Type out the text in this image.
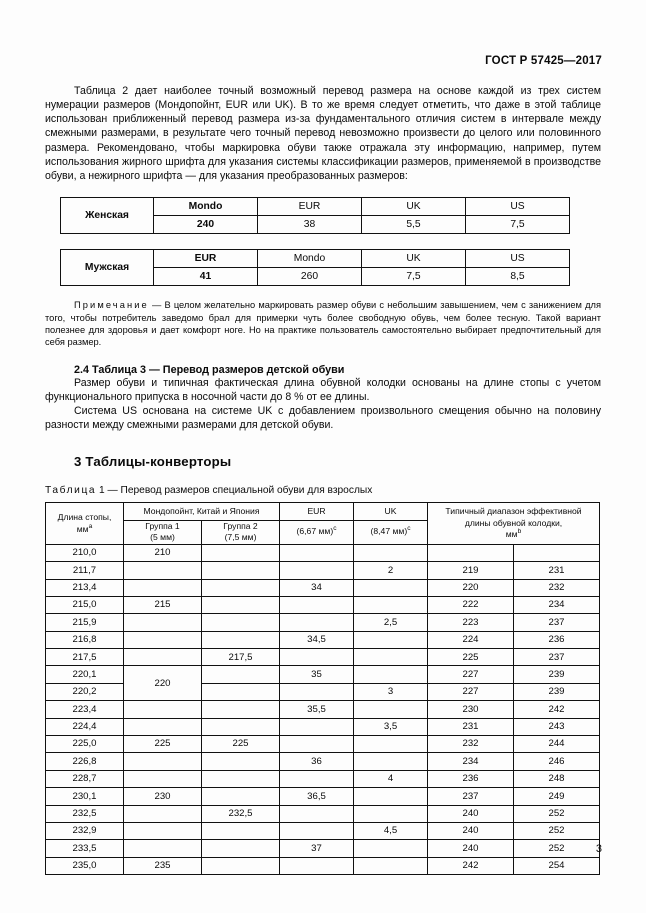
ГОСТ Р 57425—2017

Таблица 2 дает наиболее точный возможный перевод размера на основе каждой из трех систем нумерации размеров (Мондопойнт, EUR или UK). В то же время следует отметить, что даже в этой таблице использован приближенный перевод размера из-за фундаментального отличия систем в интервале между смежными размерами, в результате чего точный перевод невозможно произвести до целого или половинного размера. Рекомендовано, чтобы маркировка обуви также отражала эту информацию, например, путем использования жирного шрифта для указания системы классификации размеров, применяемой в производстве обуви, а нежирного шрифта — для указания преобразованных размеров:

Женская	Mondo	EUR	UK	US
	240	38	5,5	7,5
Мужская	EUR	Mondo	UK	US
	41	260	7,5	8,5

Примечание — В целом желательно маркировать размер обуви с небольшим завышением, чем с занижением для того, чтобы потребитель заведомо брал для примерки чуть более свободную обувь, чем более тесную. Такой вариант полезнее для здоровья и дает комфорт ноге. Но на практике пользователь самостоятельно выбирает предпочтительный для себя размер.

2.4 Таблица 3 — Перевод размеров детской обуви

Размер обуви и типичная фактическая длина обувной колодки основаны на длине стопы с учетом функционального припуска в носочной части до 8 % от ее длины.

Система US основана на системе UK с добавлением произвольного смещения обычно на половину разности между смежными размерами для детской обуви.

3 Таблицы-конверторы
Таблица 1 — Перевод размеров специальной обуви для взрослых
Длина стопы,
$мм^a$	Мондопойнт, Китай и Япония		EUR	UK	Типичный диапазон эффективной
длины обувной колодки,
$мм^b$
	Группа 1
(5 мм)	Группа 2
(7,5 мм)	(6,67 мм)$^c$	(8,47 мм)$^c$
210,0	210					
211,7				2	219	231
213,4			34		220	232
215,0	215				222	234
215,9				2,5	223	237
216,8			34,5		224	236
217,5		217,5			225	237
220,1	220		35		227	239
220,2				3	227	239
223,4			35,5		230	242
224,4				3,5	231	243
225,0	225	225			232	244
226,8			36		234	246
228,7				4	236	248
230,1	230		36,5		237	249
232,5		232,5			240	252
232,9				4,5	240	252
233,5			37		240	252
235,0	235				242	254
3
